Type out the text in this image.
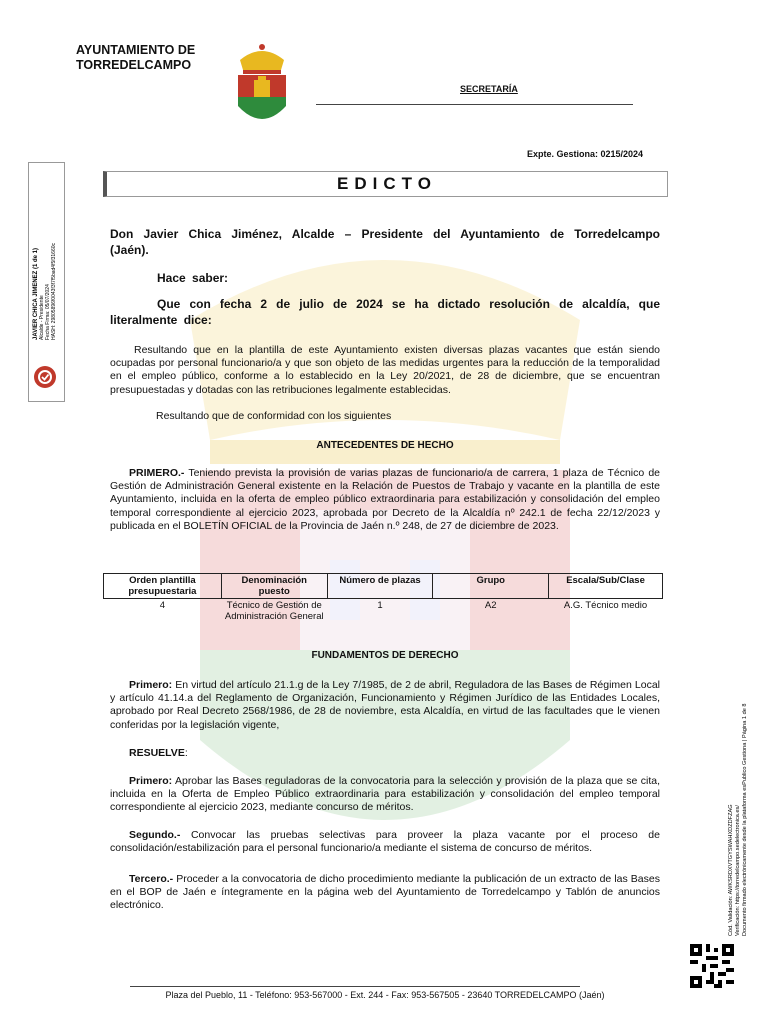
AYUNTAMIENTO DE
TORREDELCAMPO
SECRETARÍA
Expte. Gestiona: 0215/2024
EDICTO
Don Javier Chica Jiménez, Alcalde – Presidente del Ayuntamiento de Torredelcampo (Jaén).
Hace saber:
Que con fecha 2 de julio de 2024 se ha dictado resolución de alcaldía, que literalmente dice:
Resultando que en la plantilla de este Ayuntamiento existen diversas plazas vacantes que están siendo ocupadas por personal funcionario/a y que son objeto de las medidas urgentes para la reducción de la temporalidad en el empleo público, conforme a lo establecido en la Ley 20/2021, de 28 de diciembre, que se encuentran presupuestadas y dotadas con las retribuciones legalmente establecidas.
Resultando que de conformidad con los siguientes
ANTECEDENTES DE HECHO
PRIMERO.- Teniendo prevista la provisión de varias plazas de funcionario/a de carrera, 1 plaza de Técnico de Gestión de Administración General existente en la Relación de Puestos de Trabajo y vacante en la plantilla de este Ayuntamiento, incluida en la oferta de empleo público extraordinaria para estabilización y consolidación del empleo temporal correspondiente al ejercicio 2023, aprobada por Decreto de la Alcaldía nº 242.1 de fecha 22/12/2023 y publicada en el BOLETÍN OFICIAL de la Provincia de Jaén n.º 248, de 27 de diciembre de 2023.
Orden plantilla presupuestaria	Denominación puesto	Número de plazas	Grupo	Escala/Sub/Clase
4	Técnico de Gestión de Administración General	1	A2	A.G. Técnico medio
FUNDAMENTOS DE DERECHO
Primero: En virtud del artículo 21.1.g de la Ley 7/1985, de 2 de abril, Reguladora de las Bases de Régimen Local y artículo 41.14.a del Reglamento de Organización, Funcionamiento y Régimen Jurídico de las Entidades Locales, aprobado por Real Decreto 2568/1986, de 28 de noviembre, esta Alcaldía, en virtud de las facultades que le vienen conferidas por la legislación vigente,
RESUELVE:
Primero: Aprobar las Bases reguladoras de la convocatoria para la selección y provisión de la plaza que se cita, incluida en la Oferta de Empleo Público extraordinaria para estabilización y consolidación del empleo temporal correspondiente al ejercicio 2023, mediante concurso de méritos.
Segundo.- Convocar las pruebas selectivas para proveer la plaza vacante por el proceso de consolidación/estabilización para el personal funcionario/a mediante el sistema de concurso de méritos.
Tercero.- Proceder a la convocatoria de dicho procedimiento mediante la publicación de un extracto de las Bases en el BOP de Jaén e íntegramente en la página web del Ayuntamiento de Torredelcampo y Tablón de anuncios electrónico.
JAVIER CHICA JIMENEZ (1 de 1) Alcalde - Presidente Fecha Firma: 05/07/2024 HASH: 29805896f0043f3f7f5bad4f5f31660c
Cód. Validación: AWKSRDXVTGYSWAHXDZDFZAG Verificación: https://torredelcampo.sedelectronica.es/ Documento firmado electrónicamente desde la plataforma esPublico Gestiona | Página 1 de 8
Plaza del Pueblo, 11 - Teléfono: 953-567000 - Ext. 244 - Fax: 953-567505 - 23640 TORREDELCAMPO (Jaén)
